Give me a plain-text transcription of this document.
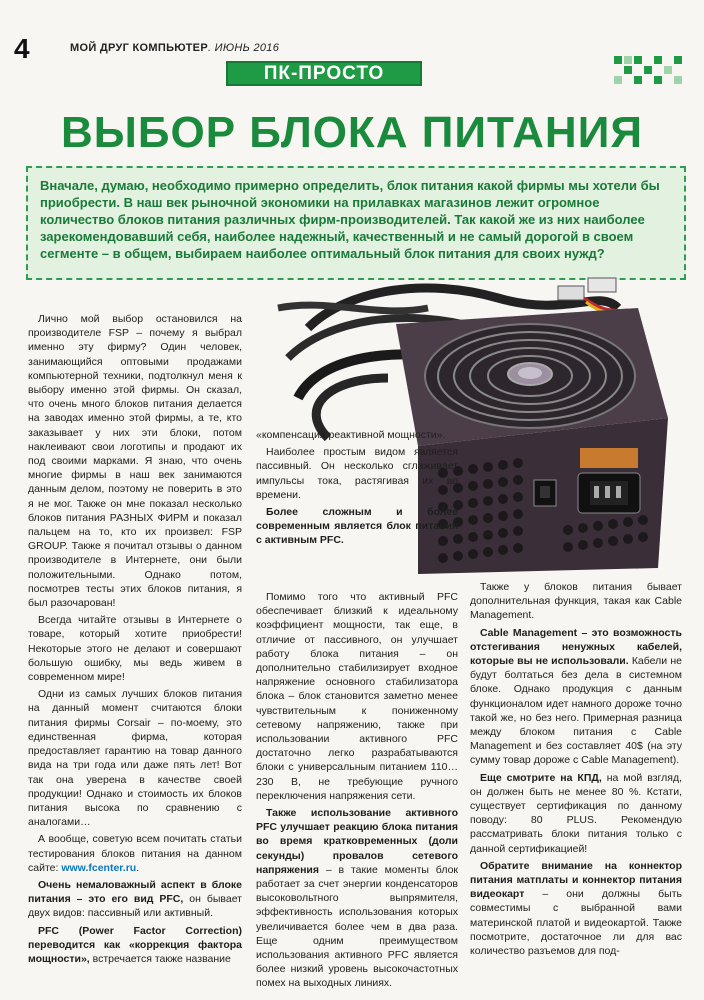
4	МОЙ ДРУГ КОМПЬЮТЕР. ИЮНЬ 2016
ПК-ПРОСТО
ВЫБОР БЛОКА ПИТАНИЯ
Вначале, думаю, необходимо примерно определить, блок питания какой фирмы мы хотели бы приобрести. В наш век рыночной экономики на прилавках магазинов лежит огромное количество блоков питания различных фирм-производителей. Так какой же из них наиболее зарекомендовавший себя, наиболее надежный, качественный и не самый дорогой в своем сегменте – в общем, выбираем наиболее оптимальный блок питания для своих нужд?

Лично мой выбор остановился на производителе FSP – почему я выбрал именно эту фирму? Один человек, занимающийся оптовыми продажами компьютерной техники, подтолкнул меня к выбору именно этой фирмы. Он сказал, что очень много блоков питания делается на заводах именно этой фирмы, а те, кто заказывает у них эти блоки, потом наклеивают свои логотипы и продают их под своими марками. Я знаю, что очень многие фирмы в наш век занимаются данным делом, поэтому не поверить в это я не мог. Также он мне показал несколько блоков питания РАЗНЫХ ФИРМ и показал пальцем на то, кто их произвел: FSP GROUP. Также я почитал отзывы о данном производителе в Интернете, они были положительными. Однако потом, посмотрев тесты этих блоков питания, я был разочарован!

Всегда читайте отзывы в Интернете о товаре, который хотите приобрести! Некоторые этого не делают и совершают большую ошибку, мы ведь живем в современном мире!

Одни из самых лучших блоков питания на данный момент считаются блоки питания фирмы Corsair – по-моему, это единственная фирма, которая предоставляет гарантию на товар данного вида на три года или даже пять лет! Вот так она уверена в качестве своей продукции! Однако и стоимость их блоков питания высока по сравнению с аналогами…

А вообще, советую всем почитать статьи тестирования блоков питания на данном сайте: www.fcenter.ru.

Очень немаловажный аспект в блоке питания – это его вид PFC, он бывает двух видов: пассивный или активный.

PFC (Power Factor Correction) переводится как «коррекция фактора мощности», встречается также название

«компенсация реактивной мощности».

Наиболее простым видом является пассивный. Он несколько сглаживает импульсы тока, растягивая их во времени.

Более сложным и более современным является блок питания с активным PFC.

Помимо того что активный PFC обеспечивает близкий к идеальному коэффициент мощности, так еще, в отличие от пассивного, он улучшает работу блока питания – он дополнительно стабилизирует входное напряжение основного стабилизатора блока – блок становится заметно менее чувствительным к пониженному сетевому напряжению, также при использовании активного PFC достаточно легко разрабатываются блоки с универсальным питанием 110…230 В, не требующие ручного переключения напряжения сети.

Также использование активного PFC улучшает реакцию блока питания во время кратковременных (доли секунды) провалов сетевого напряжения – в такие моменты блок работает за счет энергии конденсаторов высоковольтного выпрямителя, эффективность использования которых увеличивается более чем в два раза. Еще одним преимуществом использования активного PFC является более низкий уровень высокочастотных помех на выходных линиях.

Также у блоков питания бывает дополнительная функция, такая как Cable Management.

Cable Management – это возможность отстегивания ненужных кабелей, которые вы не использовали. Кабели не будут болтаться без дела в системном блоке. Однако продукция с данным функционалом идет намного дороже точно такой же, но без него. Примерная разница между блоком питания с Cable Management и без составляет 40$ (на эту сумму товар дороже с Cable Management).

Еще смотрите на КПД, на мой взгляд, он должен быть не менее 80 %. Кстати, существует сертификация по данному поводу: 80 PLUS. Рекомендую рассматривать блоки питания только с данной сертификацией!

Обратите внимание на коннектор питания матплаты и коннектор питания видеокарт – они должны быть совместимы с выбранной вами материнской платой и видеокартой. Также посмотрите, достаточное ли для вас количество разъемов для под-
